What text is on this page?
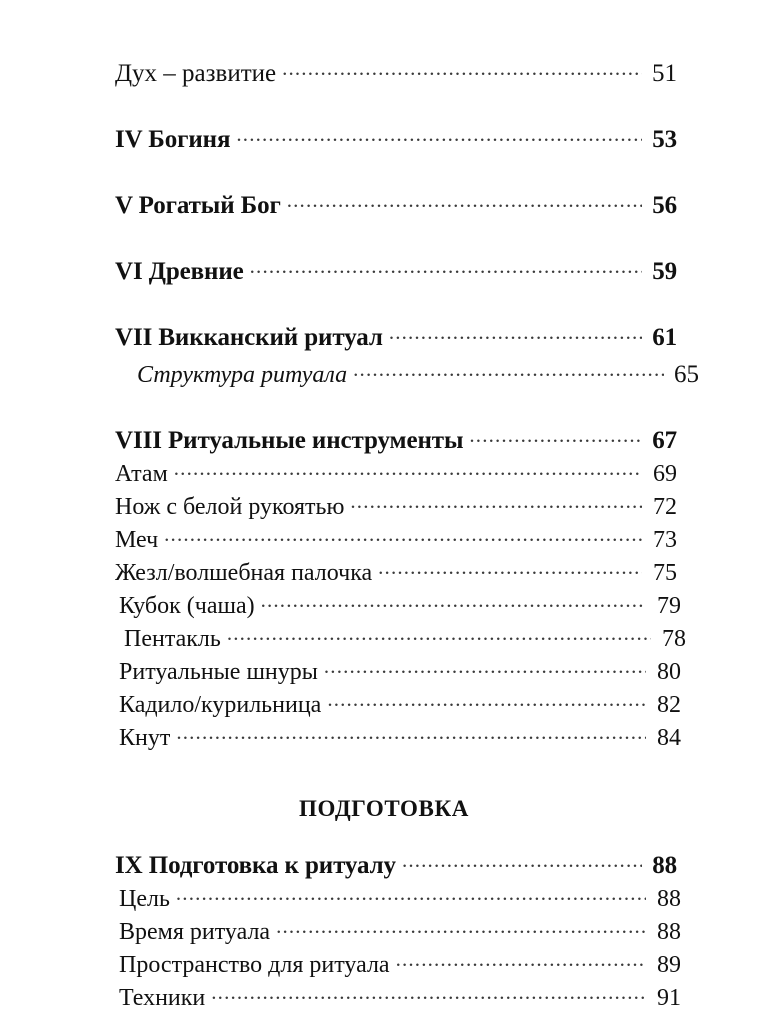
Дух – развитие .....	51
IV Богиня .....	53
V Рогатый Бог .....	56
VI Древние .....	59
VII Викканский ритуал .....	61
Структура ритуала .....	65
VIII Ритуальные инструменты .....	67
Атам .....	69
Нож с белой рукоятью .....	72
Меч .....	73
Жезл/волшебная палочка .....	75
Кубок (чаша) .....	79
Пентакль .....	78
Ритуальные шнуры .....	80
Кадило/курильница .....	82
Кнут .....	84
ПОДГОТОВКА
IX Подготовка к ритуалу .....	88
Цель .....	88
Время ритуала .....	88
Пространство для ритуала .....	89
Техники .....	91
